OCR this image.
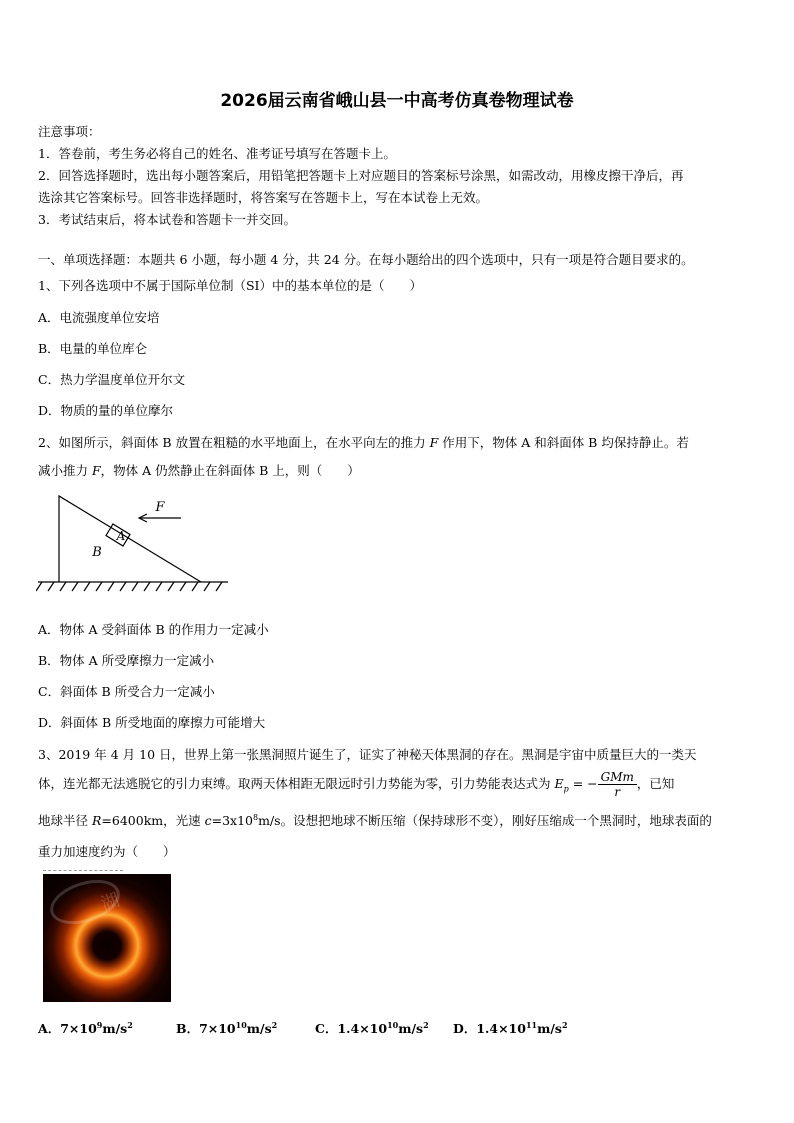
2026届云南省峨山县一中高考仿真卷物理试卷
注意事项：
1．答卷前，考生务必将自己的姓名、准考证号填写在答题卡上。
2．回答选择题时，选出每小题答案后，用铅笔把答题卡上对应题目的答案标号涂黑，如需改动，用橡皮擦干净后，再
选涂其它答案标号。回答非选择题时，将答案写在答题卡上，写在本试卷上无效。
3．考试结束后，将本试卷和答题卡一并交回。
一、单项选择题：本题共 6 小题，每小题 4 分，共 24 分。在每小题给出的四个选项中，只有一项是符合题目要求的。
1、下列各选项中不属于国际单位制（SI）中的基本单位的是（　　）
A．电流强度单位安培
B．电量的单位库仑
C．热力学温度单位开尔文
D．物质的量的单位摩尔
2、如图所示，斜面体 B 放置在粗糙的水平地面上，在水平向左的推力 F 作用下，物体 A 和斜面体 B 均保持静止。若
减小推力 F，物体 A 仍然静止在斜面体 B 上，则（　　）
A
B
F
A．物体 A 受斜面体 B 的作用力一定减小
B．物体 A 所受摩擦力一定减小
C．斜面体 B 所受合力一定减小
D．斜面体 B 所受地面的摩擦力可能增大
3、2019 年 4 月 10 日，世界上第一张黑洞照片诞生了，证实了神秘天体黑洞的存在。黑洞是宇宙中质量巨大的一类天
体，连光都无法逃脱它的引力束缚。取两天体相距无限远时引力势能为零，引力势能表达式为 $E_p$ = − $\frac{\text{GMm}}{r}$ ，已知
地球半径 R=6400km，光速 $c=3x10^8m/s$。设想把地球不断压缩（保持球形不变），刚好压缩成一个黑洞时，地球表面的
重力加速度约为（　　）
湖
A．$7\times 10^9m/s^2$	B．$7\times 10^{10}m/s^2$	C．$1.4\times 10^{10}m/s^2$ D．$1.4\times 10^{11}m/s^2$
